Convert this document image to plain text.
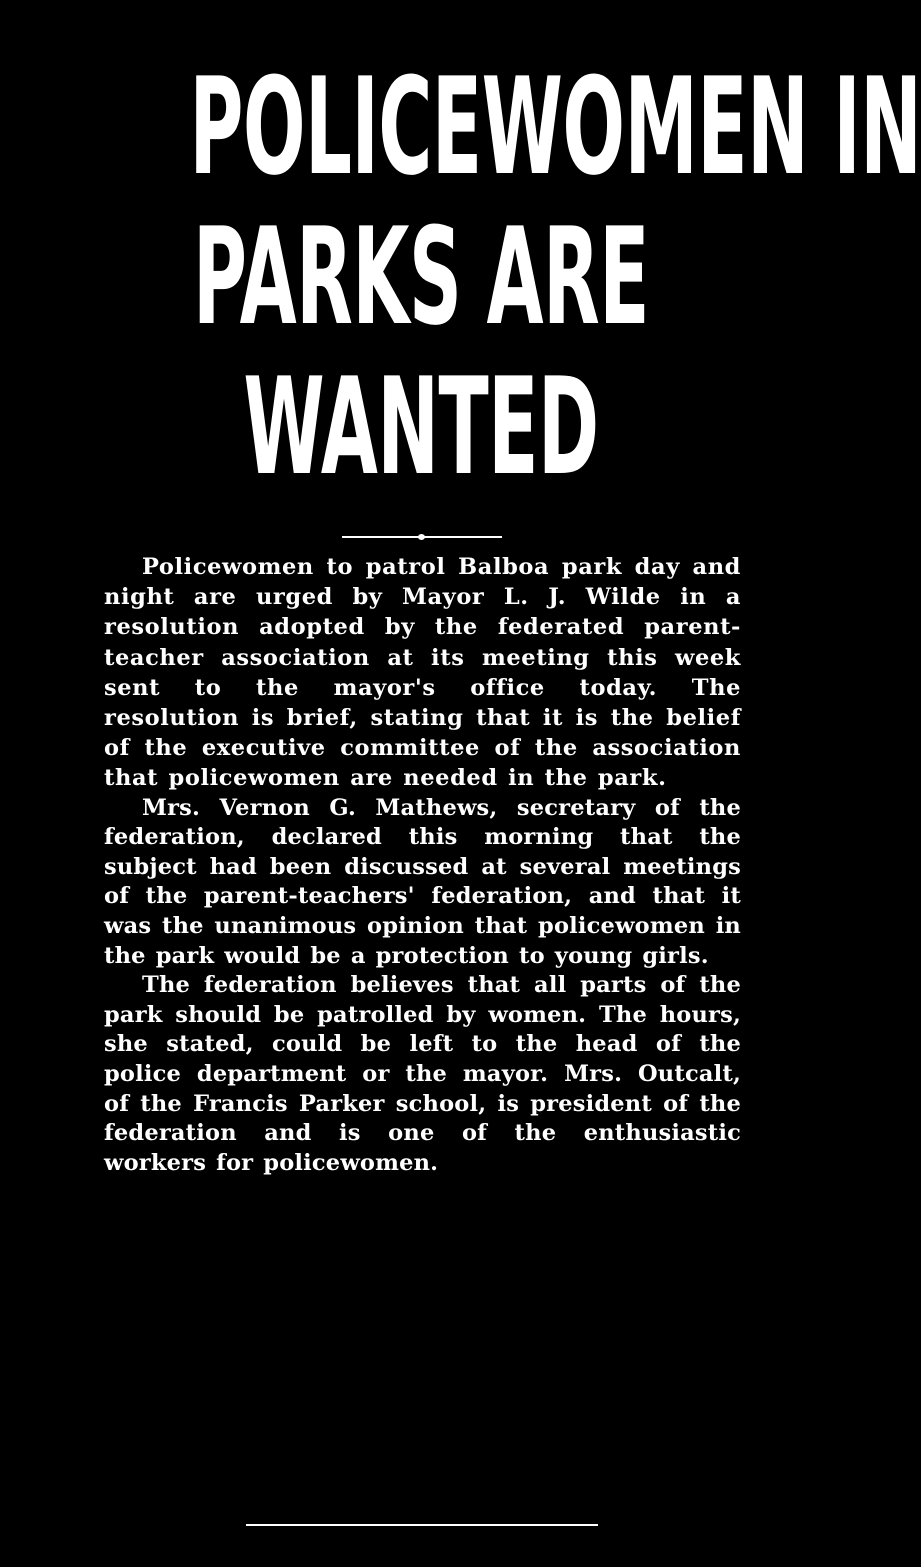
POLICEWOMEN IN
PARKS ARE
WANTED

Policewomen to patrol Balboa park day and night are urged by Mayor L. J. Wilde in a resolution adopted by the federated parent-teacher association at its meeting this week sent to the mayor's office today. The resolution is brief, stating that it is the belief of the executive committee of the association that policewomen are needed in the park.

Mrs. Vernon G. Mathews, secretary of the federation, declared this morning that the subject had been discussed at several meetings of the parent-teachers' federation, and that it was the unanimous opinion that policewomen in the park would be a protection to young girls.

The federation believes that all parts of the park should be patrolled by women. The hours, she stated, could be left to the head of the police department or the mayor. Mrs. Outcalt, of the Francis Parker school, is president of the federation and is one of the enthusiastic workers for policewomen.
